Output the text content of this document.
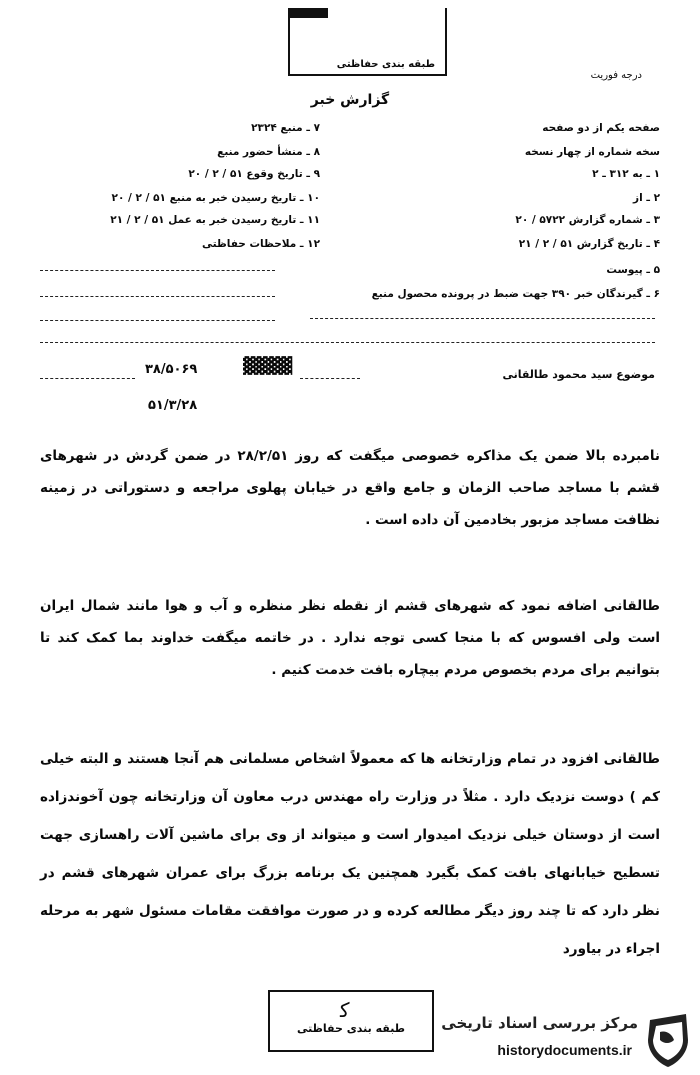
طبقه بندی حفاظتی
درجه فوریت
گزارش خبر
صفحه یکم از دو صفحه
سخه شماره از چهار نسخه
۱ ـ به ۳۱۲ ـ ۲
۲ ـ از
۳ ـ شماره گزارش ۵۷۲۲ / ۲۰
۴ ـ تاریخ گزارش ۵۱ / ۲ / ۲۱
۵ ـ پیوست
۶ ـ گیرندگان خبر ۳۹۰ جهت ضبط در پرونده محصول منبع
۷ ـ منبع ۲۳۲۴
۸ ـ منشأ حضور منبع
۹ ـ تاریخ وقوع ۵۱ / ۲ / ۲۰
۱۰ ـ تاریخ رسیدن خبر به منبع ۵۱ / ۲ / ۲۰
۱۱ ـ تاریخ رسیدن خبر به عمل ۵۱ / ۲ / ۲۱
۱۲ ـ ملاحظات حفاظتی
موضوع سید محمود طالقانی
▓▓▓▓
۳۸/۵۰۶۹
۵۱/۳/۲۸
نامبرده بالا ضمن یک مذاکره خصوصی میگفت که روز ۲۸/۲/۵۱ در ضمن گردش در شهرهای قشم با مساجد صاحب الزمان و جامع واقع در خیابان پهلوی مراجعه و دستوراتی در زمینه نظافت مساجد مزبور بخادمین آن داده است .
طالقانی اضافه نمود که شهرهای قشم از نقطه نظر منظره و آب و هوا مانند شمال ایران است ولی افسوس که با منجا کسی توجه ندارد . در خاتمه میگفت خداوند بما کمک کند تا بتوانیم برای مردم بخصوص مردم بیچاره بافت خدمت کنیم .
طالقانی افزود در تمام وزارتخانه ها که معمولاً اشخاص مسلمانی هم آنجا هستند و البته خیلی کم ) دوست نزدیک دارد . مثلاً در وزارت راه مهندس درب معاون آن وزارتخانه چون آخوندزاده است از دوستان خیلی نزدیک امیدوار است و میتواند از وی برای ماشین آلات راهسازی جهت تسطیح خیابانهای بافت کمک بگیرد همچنین یک برنامه بزرگ برای عمران شهرهای قشم در نظر دارد که تا چند روز دیگر مطالعه کرده و در صورت موافقت مقامات مسئول شهر به مرحله اجراء در بیاورد
ﮐ
طبقه بندی حفاظتی	مرکز بررسی اسناد تاریخی
historydocuments.ir
